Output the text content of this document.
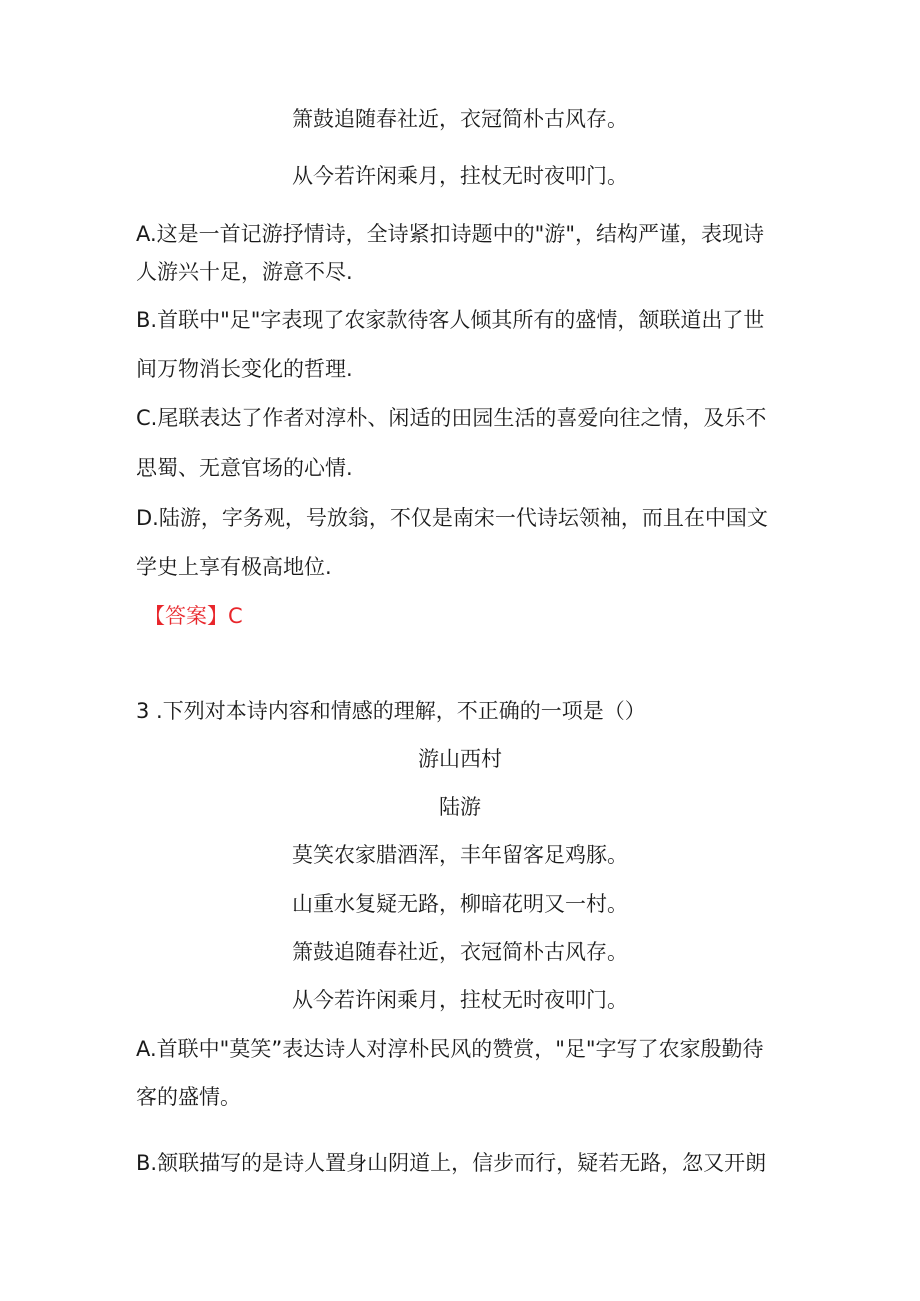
箫鼓追随春社近，衣冠简朴古风存。
从今若许闲乘月，拄杖无时夜叩门。
A.这是一首记游抒情诗，全诗紧扣诗题中的"游"，结构严谨，表现诗
人游兴十足，游意不尽.
B.首联中"足"字表现了农家款待客人倾其所有的盛情，颔联道出了世
间万物消长变化的哲理.
C.尾联表达了作者对淳朴、闲适的田园生活的喜爱向往之情，及乐不
思蜀、无意官场的心情.
D.陆游，字务观，号放翁，不仅是南宋一代诗坛领袖，而且在中国文
学史上享有极高地位.
【答案】C
3 .下列对本诗内容和情感的理解，不正确的一项是（）
游山西村
陆游
莫笑农家腊酒浑，丰年留客足鸡豚。
山重水复疑无路，柳暗花明又一村。
箫鼓追随春社近，衣冠简朴古风存。
从今若许闲乘月，拄杖无时夜叩门。
A.首联中"莫笑”表达诗人对淳朴民风的赞赏，"足"字写了农家殷勤待
客的盛情。
B.颔联描写的是诗人置身山阴道上，信步而行，疑若无路，忽又开朗
